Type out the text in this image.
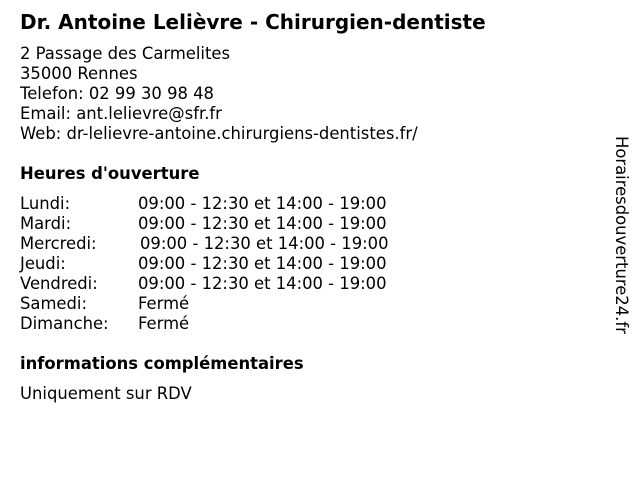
Dr. Antoine Lelièvre - Chirurgien-dentiste
2 Passage des Carmelites
35000 Rennes
Telefon: 02 99 30 98 48
Email: ant.lelievre@sfr.fr
Web: dr-lelievre-antoine.chirurgiens-dentistes.fr/
Heures d'ouverture
Lundi:	09:00 - 12:30 et 14:00 - 19:00
Mardi:	09:00 - 12:30 et 14:00 - 19:00
Mercredi:	09:00 - 12:30 et 14:00 - 19:00
Jeudi:	09:00 - 12:30 et 14:00 - 19:00
Vendredi: 09:00 - 12:30 et 14:00 - 19:00
Samedi:	Fermé
Dimanche: Fermé
informations complémentaires
Uniquement sur RDV
Horairesdouverture24.fr
